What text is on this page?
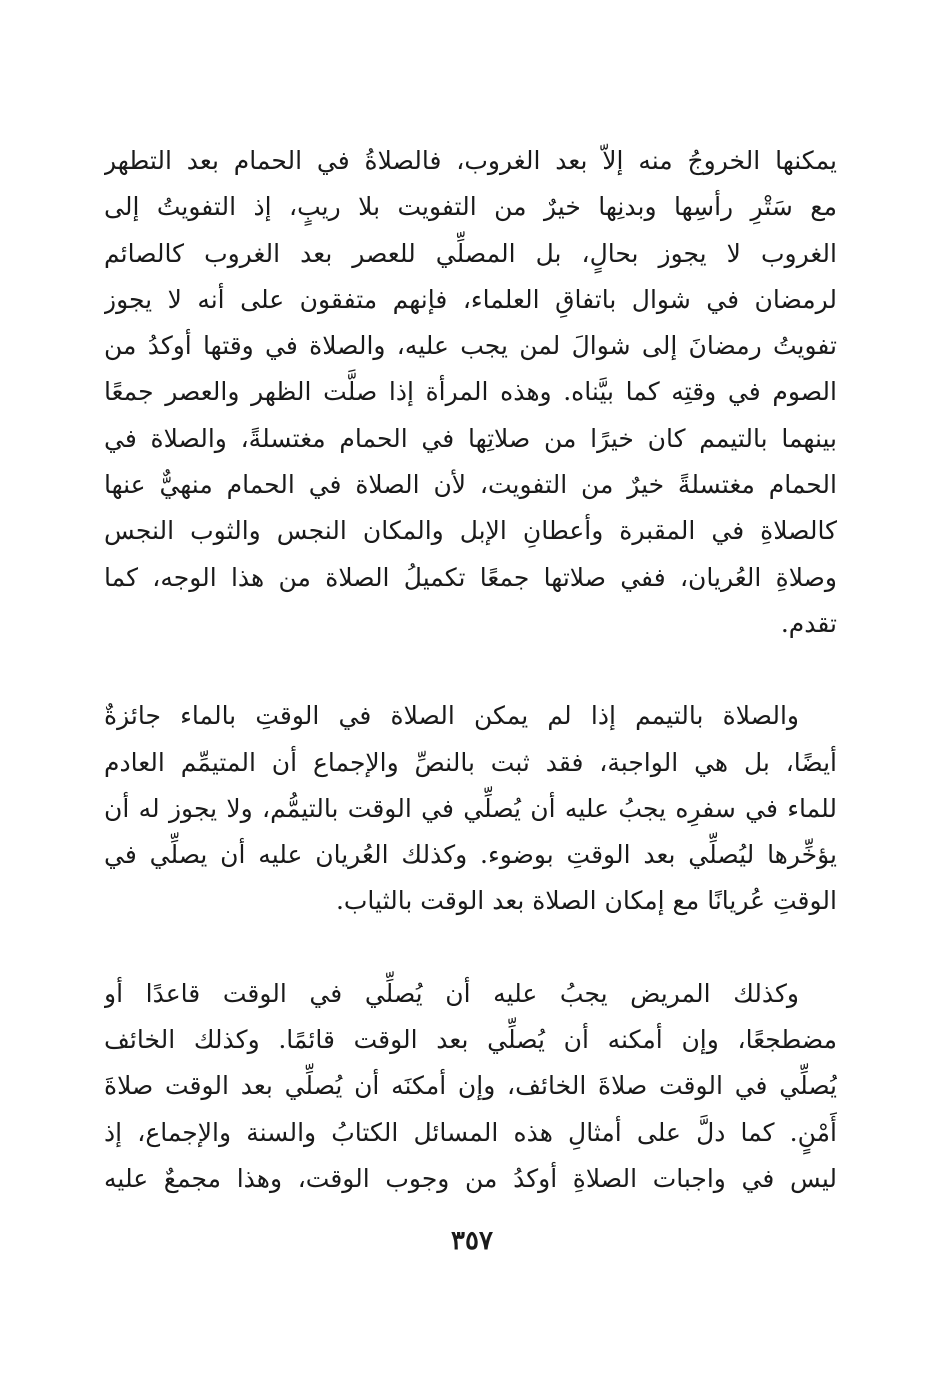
يمكنها الخروجُ منه إلاّ بعد الغروب، فالصلاةُ في الحمام بعد التطهر
مع سَتْرِ رأسِها وبدنِها خيرٌ من التفويت بلا ريبٍ، إذ التفويتُ إلى
الغروب لا يجوز بحالٍ، بل المصلِّي للعصر بعد الغروب كالصائم
لرمضان في شوال باتفاقِ العلماء، فإنهم متفقون على أنه لا يجوز
تفويتُ رمضانَ إلى شوالَ لمن يجب عليه، والصلاة في وقتها أوكدُ من
الصوم في وقتِه كما بيَّناه. وهذه المرأة إذا صلَّت الظهر والعصر جمعًا
بينهما بالتيمم كان خيرًا من صلاتِها في الحمام مغتسلةً، والصلاة في
الحمام مغتسلةً خيرٌ من التفويت، لأن الصلاة في الحمام منهيٌّ عنها
كالصلاةِ في المقبرة وأعطانِ الإبل والمكان النجس والثوب النجس
وصلاةِ العُريان، ففي صلاتها جمعًا تكميلُ الصلاة من هذا الوجه، كما
تقدم.
والصلاة بالتيمم إذا لم يمكن الصلاة في الوقتِ بالماء جائزةٌ
أيضًا، بل هي الواجبة، فقد ثبت بالنصِّ والإجماع أن المتيمِّم العادم
للماء في سفرِه يجبُ عليه أن يُصلِّي في الوقت بالتيمُّم، ولا يجوز له أن
يؤخِّرها ليُصلِّي بعد الوقتِ بوضوء. وكذلك العُريان عليه أن يصلِّي في
الوقتِ عُريانًا مع إمكان الصلاة بعد الوقت بالثياب.
وكذلك المريض يجبُ عليه أن يُصلِّي في الوقت قاعدًا أو
مضطجعًا، وإن أمكنه أن يُصلِّي بعد الوقت قائمًا. وكذلك الخائف
يُصلِّي في الوقت صلاةَ الخائف، وإن أمكنَه أن يُصلِّي بعد الوقت صلاةَ
أَمْنٍ. كما دلَّ على أمثالِ هذه المسائل الكتابُ والسنة والإجماع، إذ
ليس في واجبات الصلاةِ أوكدُ من وجوب الوقت، وهذا مجمعٌ عليه
٣٥٧
